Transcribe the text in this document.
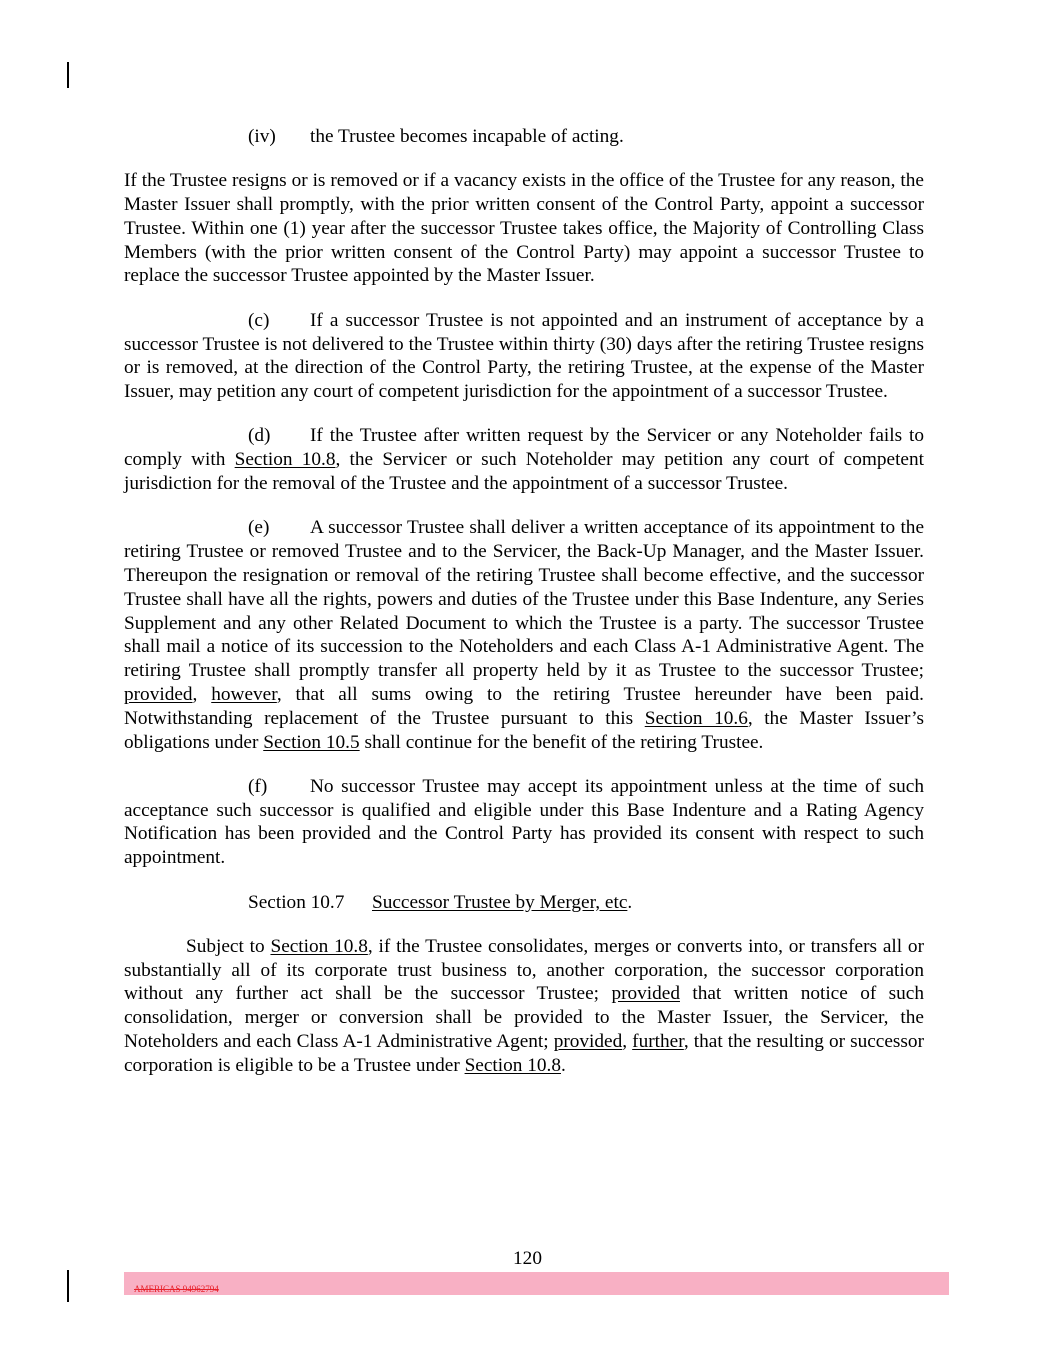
(iv) the Trustee becomes incapable of acting.

If the Trustee resigns or is removed or if a vacancy exists in the office of the Trustee for any reason, the Master Issuer shall promptly, with the prior written consent of the Control Party, appoint a successor Trustee. Within one (1) year after the successor Trustee takes office, the Majority of Controlling Class Members (with the prior written consent of the Control Party) may appoint a successor Trustee to replace the successor Trustee appointed by the Master Issuer.

(c) If a successor Trustee is not appointed and an instrument of acceptance by a successor Trustee is not delivered to the Trustee within thirty (30) days after the retiring Trustee resigns or is removed, at the direction of the Control Party, the retiring Trustee, at the expense of the Master Issuer, may petition any court of competent jurisdiction for the appointment of a successor Trustee.

(d) If the Trustee after written request by the Servicer or any Noteholder fails to comply with Section 10.8, the Servicer or such Noteholder may petition any court of competent jurisdiction for the removal of the Trustee and the appointment of a successor Trustee.

(e) A successor Trustee shall deliver a written acceptance of its appointment to the retiring Trustee or removed Trustee and to the Servicer, the Back-Up Manager, and the Master Issuer. Thereupon the resignation or removal of the retiring Trustee shall become effective, and the successor Trustee shall have all the rights, powers and duties of the Trustee under this Base Indenture, any Series Supplement and any other Related Document to which the Trustee is a party. The successor Trustee shall mail a notice of its succession to the Noteholders and each Class A-1 Administrative Agent. The retiring Trustee shall promptly transfer all property held by it as Trustee to the successor Trustee; provided, however, that all sums owing to the retiring Trustee hereunder have been paid. Notwithstanding replacement of the Trustee pursuant to this Section 10.6, the Master Issuer’s obligations under Section 10.5 shall continue for the benefit of the retiring Trustee.

(f) No successor Trustee may accept its appointment unless at the time of such acceptance such successor is qualified and eligible under this Base Indenture and a Rating Agency Notification has been provided and the Control Party has provided its consent with respect to such appointment.

Section 10.7 Successor Trustee by Merger, etc.

Subject to Section 10.8, if the Trustee consolidates, merges or converts into, or transfers all or substantially all of its corporate trust business to, another corporation, the successor corporation without any further act shall be the successor Trustee; provided that written notice of such consolidation, merger or conversion shall be provided to the Master Issuer, the Servicer, the Noteholders and each Class A-1 Administrative Agent; provided, further, that the resulting or successor corporation is eligible to be a Trustee under Section 10.8.

120
AMERICAS 94962794
